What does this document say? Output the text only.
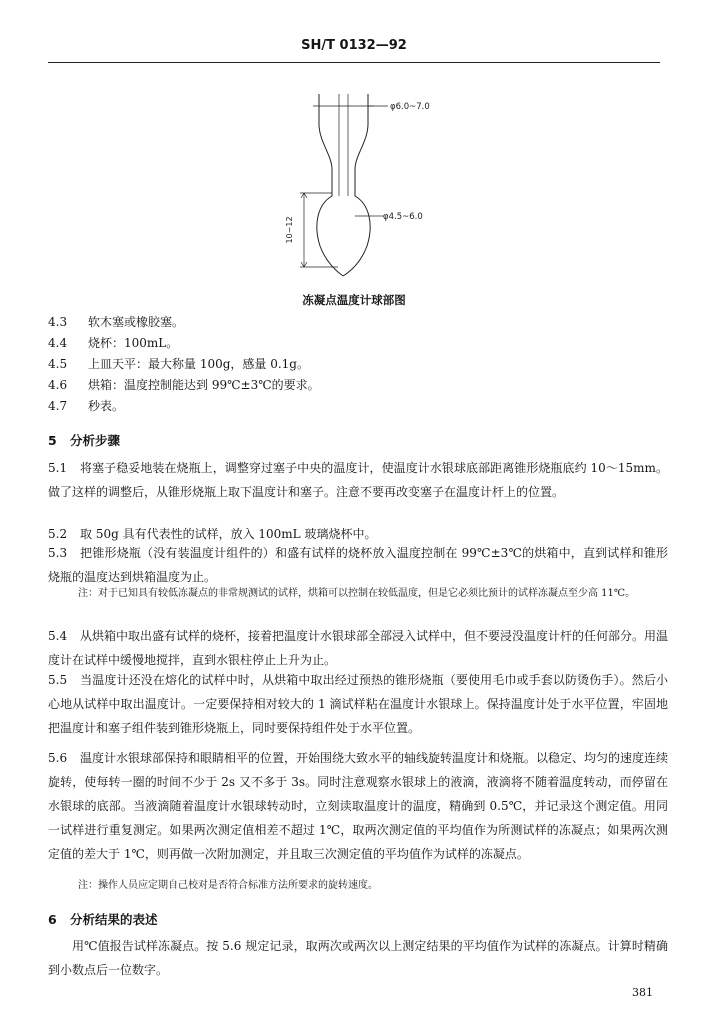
SH/T 0132—92
φ6.0~7.0
φ4.5~6.0
10~12
冻凝点温度计球部图
4.3 软木塞或橡胶塞。
4.4 烧杯：100mL。
4.5 上皿天平：最大称量 100g，感量 0.1g。
4.6 烘箱：温度控制能达到 99℃±3℃的要求。
4.7 秒表。
5 分析步骤
5.1 将塞子稳妥地装在烧瓶上，调整穿过塞子中央的温度计，使温度计水银球底部距离锥形烧瓶底约 10～15mm。做了这样的调整后，从锥形烧瓶上取下温度计和塞子。注意不要再改变塞子在温度计杆上的位置。
5.2 取 50g 具有代表性的试样，放入 100mL 玻璃烧杯中。
5.3 把锥形烧瓶（没有装温度计组件的）和盛有试样的烧杯放入温度控制在 99℃±3℃的烘箱中，直到试样和锥形烧瓶的温度达到烘箱温度为止。
注：对于已知具有较低冻凝点的非常规测试的试样，烘箱可以控制在较低温度，但是它必须比预计的试样冻凝点至少高 11℃。
5.4 从烘箱中取出盛有试样的烧杯，接着把温度计水银球部全部浸入试样中，但不要浸没温度计杆的任何部分。用温度计在试样中缓慢地搅拌，直到水银柱停止上升为止。
5.5 当温度计还没在熔化的试样中时，从烘箱中取出经过预热的锥形烧瓶（要使用毛巾或手套以防烫伤手）。然后小心地从试样中取出温度计。一定要保持相对较大的 1 滴试样粘在温度计水银球上。保持温度计处于水平位置，牢固地把温度计和塞子组件装到锥形烧瓶上，同时要保持组件处于水平位置。
5.6 温度计水银球部保持和眼睛相平的位置，开始围绕大致水平的轴线旋转温度计和烧瓶。以稳定、均匀的速度连续旋转，使每转一圈的时间不少于 2s 又不多于 3s。同时注意观察水银球上的液滴，液滴将不随着温度转动，而停留在水银球的底部。当液滴随着温度计水银球转动时，立刻读取温度计的温度，精确到 0.5℃，并记录这个测定值。用同一试样进行重复测定。如果两次测定值相差不超过 1℃，取两次测定值的平均值作为所测试样的冻凝点；如果两次测定值的差大于 1℃，则再做一次附加测定，并且取三次测定值的平均值作为试样的冻凝点。
注：操作人员应定期自己校对是否符合标准方法所要求的旋转速度。
6 分析结果的表述
用℃值报告试样冻凝点。按 5.6 规定记录，取两次或两次以上测定结果的平均值作为试样的冻凝点。计算时精确到小数点后一位数字。
381
